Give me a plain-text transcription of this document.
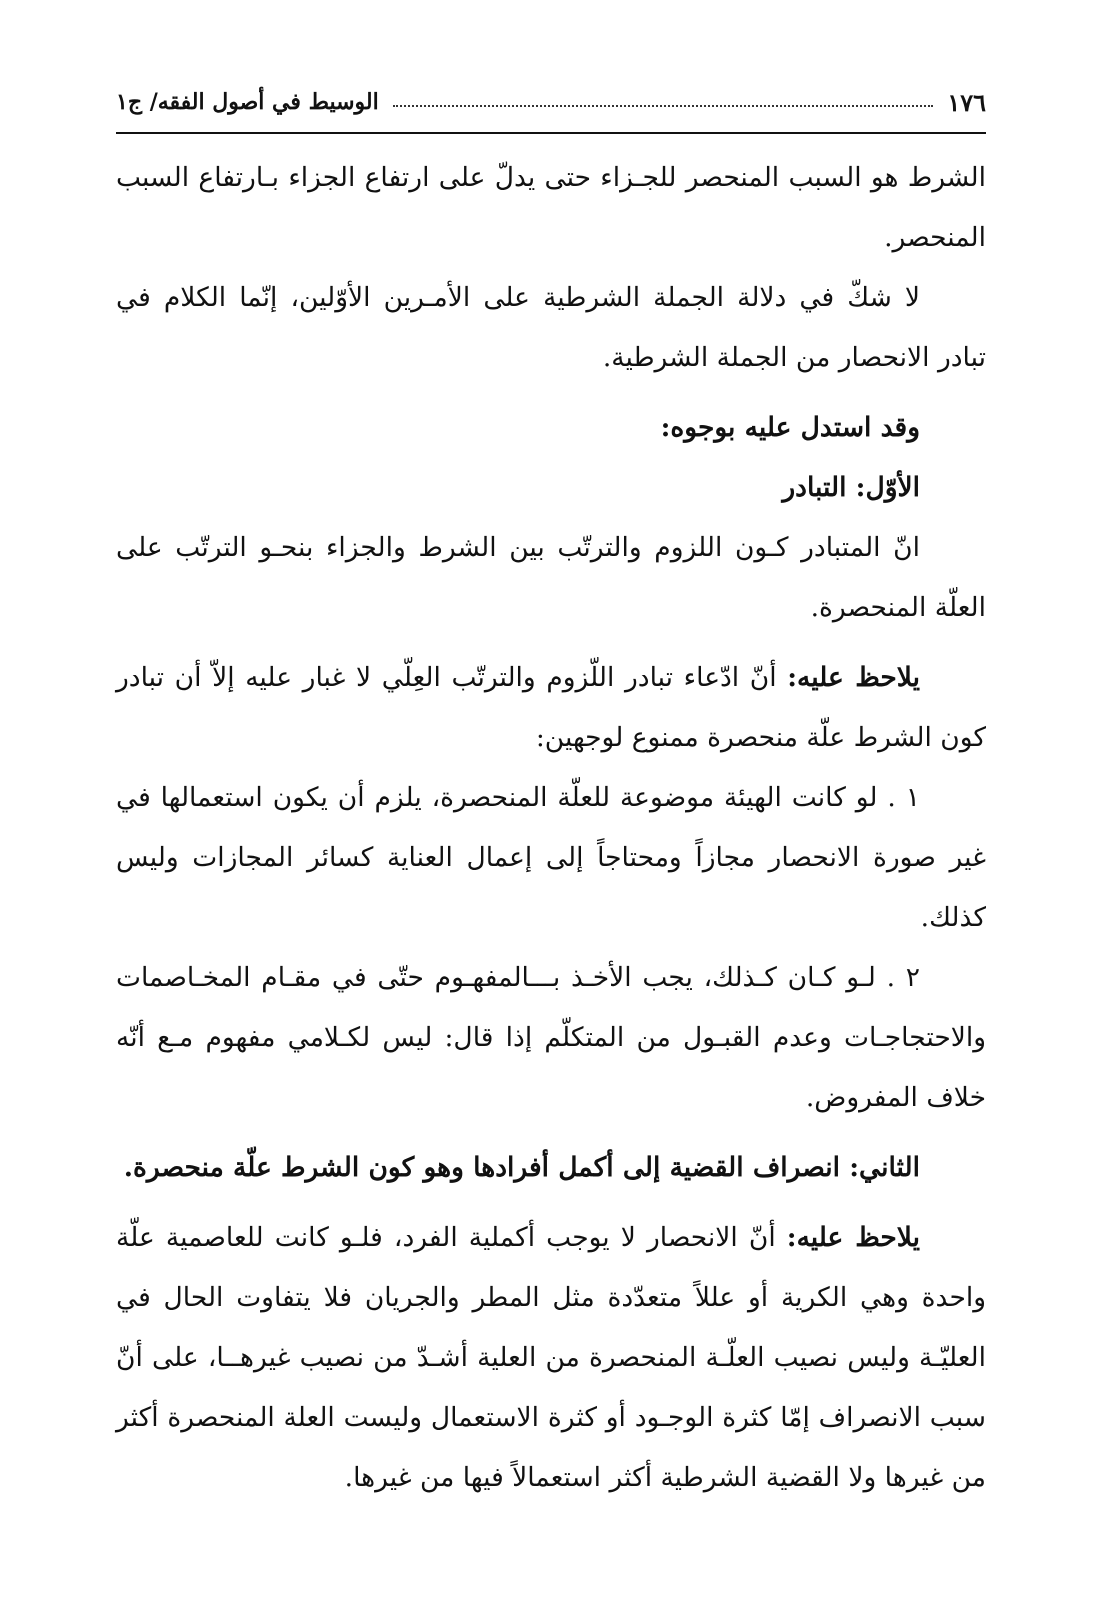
١٧٦
الوسيط في أصول الفقه/ ج١

الشرط هو السبب المنحصر للجـزاء حتى يدلّ على ارتفاع الجزاء بـارتفاع السبب المنحصر.

لا شكّ في دلالة الجملة الشرطية على الأمـرين الأوّلين، إنّما الكلام في تبادر الانحصار من الجملة الشرطية.

وقد استدل عليه بوجوه:

الأوّل: التبادر

انّ المتبادر كـون اللزوم والترتّب بين الشرط والجزاء بنحـو الترتّب على العلّة المنحصرة.

يلاحظ عليه: أنّ ادّعاء تبادر اللّزوم والترتّب العِلّي لا غبار عليه إلاّ أن تبادر كون الشرط علّة منحصرة ممنوع لوجهين:

١ . لو كانت الهيئة موضوعة للعلّة المنحصرة، يلزم أن يكون استعمالها في غير صورة الانحصار مجازاً ومحتاجاً إلى إعمال العناية كسائر المجازات وليس كذلك.

٢ . لـو كـان كـذلك، يجب الأخـذ بـــالمفهـوم حتّى في مقـام المخـاصمات والاحتجاجـات وعدم القبـول من المتكلّم إذا قال: ليس لكـلامي مفهوم مـع أنّه خلاف المفروض.

الثاني: انصراف القضية إلى أكمل أفرادها وهو كون الشرط علّة منحصرة.

يلاحظ عليه: أنّ الانحصار لا يوجب أكملية الفرد، فلـو كانت للعاصمية علّة واحدة وهي الكرية أو عللاً متعدّدة مثل المطر والجريان فلا يتفاوت الحال في العليّـة وليس نصيب العلّـة المنحصرة من العلية أشـدّ من نصيب غيرهــا، على أنّ سبب الانصراف إمّا كثرة الوجـود أو كثرة الاستعمال وليست العلة المنحصرة أكثر من غيرها ولا القضية الشرطية أكثر استعمالاً فيها من غيرها.
